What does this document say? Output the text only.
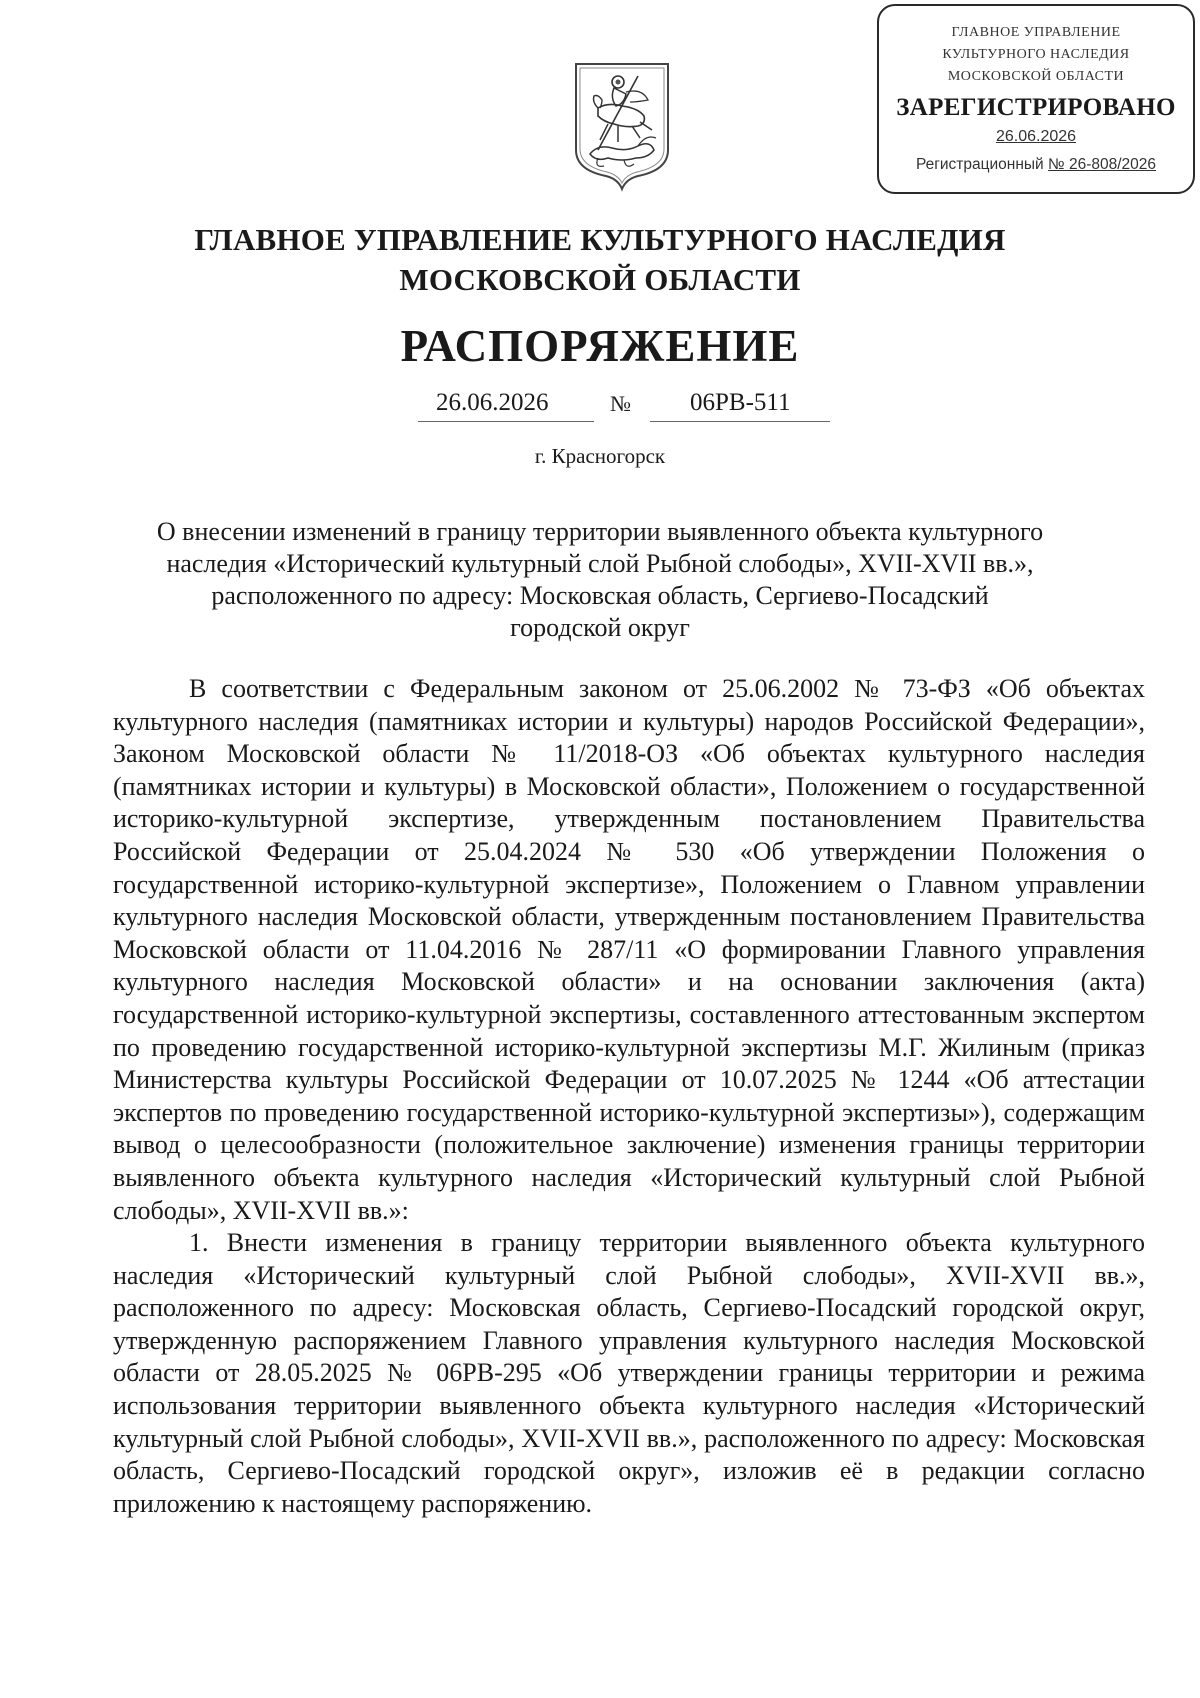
ГЛАВНОЕ УПРАВЛЕНИЕ
КУЛЬТУРНОГО НАСЛЕДИЯ
МОСКОВСКОЙ ОБЛАСТИ
ЗАРЕГИСТРИРОВАНО
26.06.2026
Регистрационный № 26-808/2026
ГЛАВНОЕ УПРАВЛЕНИЕ КУЛЬТУРНОГО НАСЛЕДИЯ
МОСКОВСКОЙ ОБЛАСТИ
РАСПОРЯЖЕНИЕ
26.06.2026	№	06РВ-511
г. Красногорск
О внесении изменений в границу территории выявленного объекта культурного
наследия «Исторический культурный слой Рыбной слободы», XVII-XVII вв.»,
расположенного по адресу: Московская область, Сергиево-Посадский
городской округ

В соответствии с Федеральным законом от 25.06.2002 № 73-ФЗ «Об объектах культурного наследия (памятниках истории и культуры) народов Российской Федерации», Законом Московской области № 11/2018-ОЗ «Об объектах культурного наследия (памятниках истории и культуры) в Московской области», Положением о государственной историко-культурной экспертизе, утвержденным постановлением Правительства Российской Федерации от 25.04.2024 № 530 «Об утверждении Положения о государственной историко-культурной экспертизе», Положением о Главном управлении культурного наследия Московской области, утвержденным постановлением Правительства Московской области от 11.04.2016 № 287/11 «О формировании Главного управления культурного наследия Московской области» и на основании заключения (акта) государственной историко-культурной экспертизы, составленного аттестованным экспертом по проведению государственной историко-культурной экспертизы М.Г. Жилиным (приказ Министерства культуры Российской Федерации от 10.07.2025 № 1244 «Об аттестации экспертов по проведению государственной историко-культурной экспертизы»), содержащим вывод о целесообразности (положительное заключение) изменения границы территории выявленного объекта культурного наследия «Исторический культурный слой Рыбной слободы», XVII-XVII вв.»:

1. Внести изменения в границу территории выявленного объекта культурного наследия «Исторический культурный слой Рыбной слободы», XVII-XVII вв.», расположенного по адресу: Московская область, Сергиево-Посадский городской округ, утвержденную распоряжением Главного управления культурного наследия Московской области от 28.05.2025 № 06РВ-295 «Об утверждении границы территории и режима использования территории выявленного объекта культурного наследия «Исторический культурный слой Рыбной слободы», XVII-XVII вв.», расположенного по адресу: Московская область, Сергиево-Посадский городской округ», изложив её в редакции согласно приложению к настоящему распоряжению.
